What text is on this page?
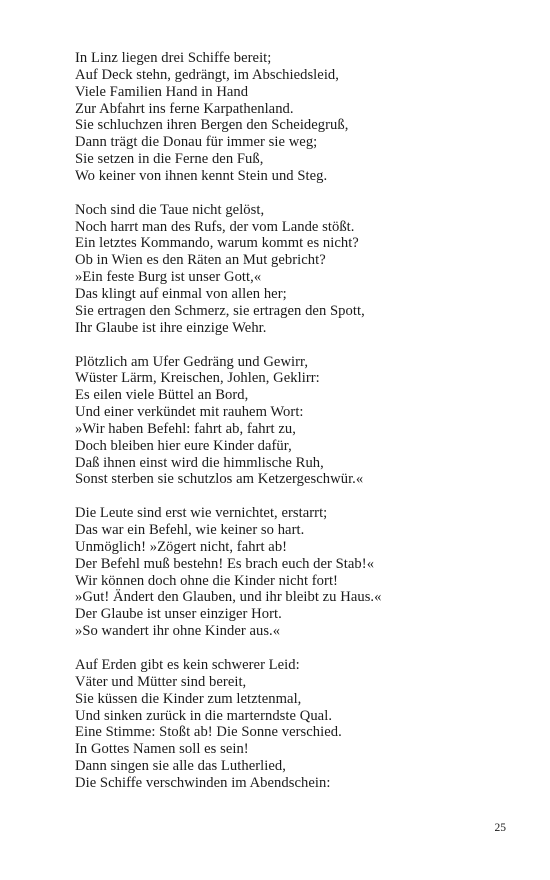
In Linz liegen drei Schiffe bereit;
Auf Deck stehn, gedrängt, im Abschiedsleid,
Viele Familien Hand in Hand
Zur Abfahrt ins ferne Karpathenland.
Sie schluchzen ihren Bergen den Scheidegruß,
Dann trägt die Donau für immer sie weg;
Sie setzen in die Ferne den Fuß,
Wo keiner von ihnen kennt Stein und Steg.
Noch sind die Taue nicht gelöst,
Noch harrt man des Rufs, der vom Lande stößt.
Ein letztes Kommando, warum kommt es nicht?
Ob in Wien es den Räten an Mut gebricht?
»Ein feste Burg ist unser Gott,«
Das klingt auf einmal von allen her;
Sie ertragen den Schmerz, sie ertragen den Spott,
Ihr Glaube ist ihre einzige Wehr.
Plötzlich am Ufer Gedräng und Gewirr,
Wüster Lärm, Kreischen, Johlen, Geklirr:
Es eilen viele Büttel an Bord,
Und einer verkündet mit rauhem Wort:
»Wir haben Befehl: fahrt ab, fahrt zu,
Doch bleiben hier eure Kinder dafür,
Daß ihnen einst wird die himmlische Ruh,
Sonst sterben sie schutzlos am Ketzergeschwür.«
Die Leute sind erst wie vernichtet, erstarrt;
Das war ein Befehl, wie keiner so hart.
Unmöglich! »Zögert nicht, fahrt ab!
Der Befehl muß bestehn! Es brach euch der Stab!«
Wir können doch ohne die Kinder nicht fort!
»Gut! Ändert den Glauben, und ihr bleibt zu Haus.«
Der Glaube ist unser einziger Hort.
»So wandert ihr ohne Kinder aus.«
Auf Erden gibt es kein schwerer Leid:
Väter und Mütter sind bereit,
Sie küssen die Kinder zum letztenmal,
Und sinken zurück in die marterndste Qual.
Eine Stimme: Stoßt ab! Die Sonne verschied.
In Gottes Namen soll es sein!
Dann singen sie alle das Lutherlied,
Die Schiffe verschwinden im Abendschein:
25
